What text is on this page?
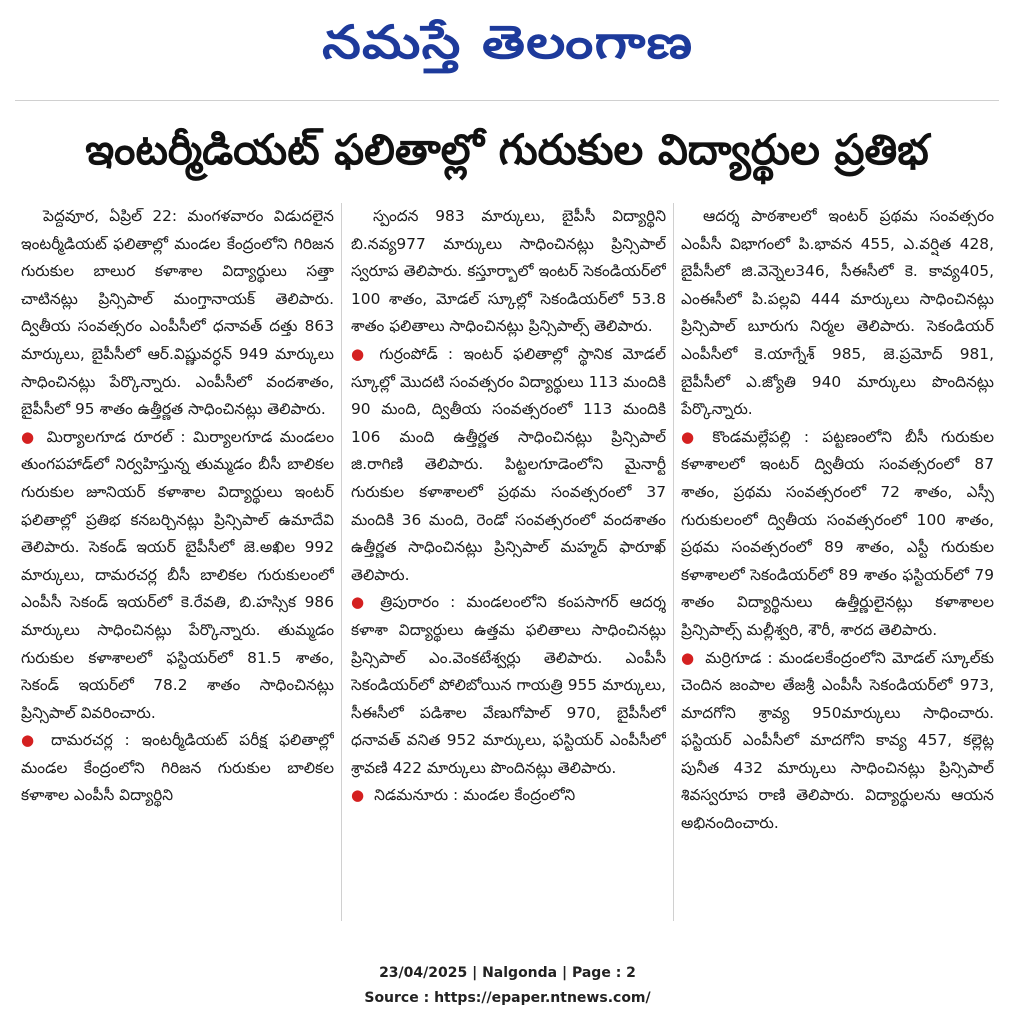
నమస్తే తెలంగాణ
ఇంటర్మీడియట్ ఫలితాల్లో గురుకుల విద్యార్థుల ప్రతిభ

పెద్దవూర, ఏప్రిల్ 22: మంగళవారం విడుదలైన ఇంటర్మీడియట్ ఫలితాల్లో మండల కేంద్రంలోని గిరిజన గురుకుల బాలుర కళాశాల విద్యార్థులు సత్తా చాటినట్లు ప్రిన్సిపాల్ మంగ్తానాయక్ తెలిపారు. ద్వితీయ సంవత్సరం ఎంపీసీలో ధనావత్ దత్తు 863 మార్కులు, బైపీసీలో ఆర్.విష్ణువర్ధన్ 949 మార్కులు సాధించినట్లు పేర్కొన్నారు. ఎంపీసీలో వందశాతం, బైపీసీలో 95 శాతం ఉత్తీర్ణత సాధించినట్లు తెలిపారు.

● మిర్యాలగూడ రూరల్ : మిర్యాలగూడ మండలం తుంగపహాడ్‌లో నిర్వహిస్తున్న తుమ్మడం బీసీ బాలికల గురుకుల జూనియర్ కళాశాల విద్యార్థులు ఇంటర్ ఫలితాల్లో ప్రతిభ కనబర్చినట్లు ప్రిన్సిపాల్ ఉమాదేవి తెలిపారు. సెకండ్ ఇయర్ బైపీసీలో జె.అఖిల 992 మార్కులు, దామరచర్ల బీసీ బాలికల గురుకులంలో ఎంపీసీ సెకండ్ ఇయర్‌లో కె.రేవతి, బి.హస్సిక 986 మార్కులు సాధించినట్లు పేర్కొన్నారు. తుమ్మడం గురుకుల కళాశాలలో ఫస్టియర్‌లో 81.5 శాతం, సెకండ్ ఇయర్‌లో 78.2 శాతం సాధించినట్లు ప్రిన్సిపాల్ వివరించారు.

● దామరచర్ల : ఇంటర్మీడియట్ పరీక్ష ఫలితాల్లో మండల కేంద్రంలోని గిరిజన గురుకుల బాలికల కళాశాల ఎంపీసీ విద్యార్థిని

స్పందన 983 మార్కులు, బైపీసీ విద్యార్థిని బి.నవ్య977 మార్కులు సాధించినట్లు ప్రిన్సిపాల్ స్వరూప తెలిపారు. కస్తూర్బాలో ఇంటర్ సెకండియర్‌లో 100 శాతం, మోడల్ స్కూల్లో సెకండియర్‌లో 53.8 శాతం ఫలితాలు సాధించినట్లు ప్రిన్సిపాల్స్ తెలిపారు.

● గుర్రంపోడ్ : ఇంటర్ ఫలితాల్లో స్థానిక మోడల్ స్కూల్లో మొదటి సంవత్సరం విద్యార్థులు 113 మందికి 90 మంది, ద్వితీయ సంవత్సరంలో 113 మందికి 106 మంది ఉత్తీర్ణత సాధించినట్లు ప్రిన్సిపాల్ జి.రాగిణి తెలిపారు. పిట్టలగూడెంలోని మైనార్టీ గురుకుల కళాశాలలో ప్రథమ సంవత్సరంలో 37 మందికి 36 మంది, రెండో సంవత్సరంలో వందశాతం ఉత్తీర్ణత సాధించినట్లు ప్రిన్సిపాల్ మహ్మద్ ఫారూఖ్ తెలిపారు.

● త్రిపురారం : మండలంలోని కంపసాగర్ ఆదర్శ కళాశా విద్యార్థులు ఉత్తమ ఫలితాలు సాధించినట్లు ప్రిన్సిపాల్ ఎం.వెంకటేశ్వర్లు తెలిపారు. ఎంపీసీ సెకండియర్‌లో పోలిబోయిన గాయత్రి 955 మార్కులు, సీఈసీలో పడిశాల వేణుగోపాల్ 970, బైపీసీలో ధనావత్ వనిత 952 మార్కులు, ఫస్టియర్ ఎంపీసీలో శ్రావణి 422 మార్కులు పొందినట్లు తెలిపారు.

● నిడమనూరు : మండల కేంద్రంలోని

ఆదర్శ పాఠశాలలో ఇంటర్ ప్రథమ సంవత్సరం ఎంపీసీ విభాగంలో పి.భావన 455, ఎ.వర్షిత 428, బైపీసీలో జి.వెన్నెల346, సీఈసీలో కె. కావ్య405, ఎంఈసీలో పి.పల్లవి 444 మార్కులు సాధించినట్లు ప్రిన్సిపాల్ బూరుగు నిర్మల తెలిపారు. సెకండియర్ ఎంపీసీలో కె.యాగ్నేశ్ 985, జె.ప్రమోద్ 981, బైపీసీలో ఎ.జ్యోతి 940 మార్కులు పొందినట్లు పేర్కొన్నారు.

● కొండమల్లేపల్లి : పట్టణంలోని బీసీ గురుకుల కళాశాలలో ఇంటర్ ద్వితీయ సంవత్సరంలో 87 శాతం, ప్రథమ సంవత్సరంలో 72 శాతం, ఎస్సీ గురుకులంలో ద్వితీయ సంవత్సరంలో 100 శాతం, ప్రథమ సంవత్సరంలో 89 శాతం, ఎస్టీ గురుకుల కళాశాలలో సెకండియర్‌లో 89 శాతం ఫస్టియర్‌లో 79 శాతం విద్యార్థినులు ఉత్తీర్ణులైనట్లు కళాశాలల ప్రిన్సిపాల్స్ మల్లీశ్వరి, శౌరీ, శారద తెలిపారు.

● మర్రిగూడ : మండలకేంద్రంలోని మోడల్ స్కూల్‌కు చెందిన జంపాల తేజశ్రీ ఎంపీసీ సెకండియర్‌లో 973, మాదగోని శ్రావ్య 950మార్కులు సాధించారు. ఫస్టియర్ ఎంపీసీలో మాదగోని కావ్య 457, కల్లెట్ల పునీత 432 మార్కులు సాధించినట్లు ప్రిన్సిపాల్ శివస్వరూప రాణి తెలిపారు. విద్యార్థులను ఆయన అభినందించారు.

23/04/2025 | Nalgonda | Page : 2
Source : https://epaper.ntnews.com/
